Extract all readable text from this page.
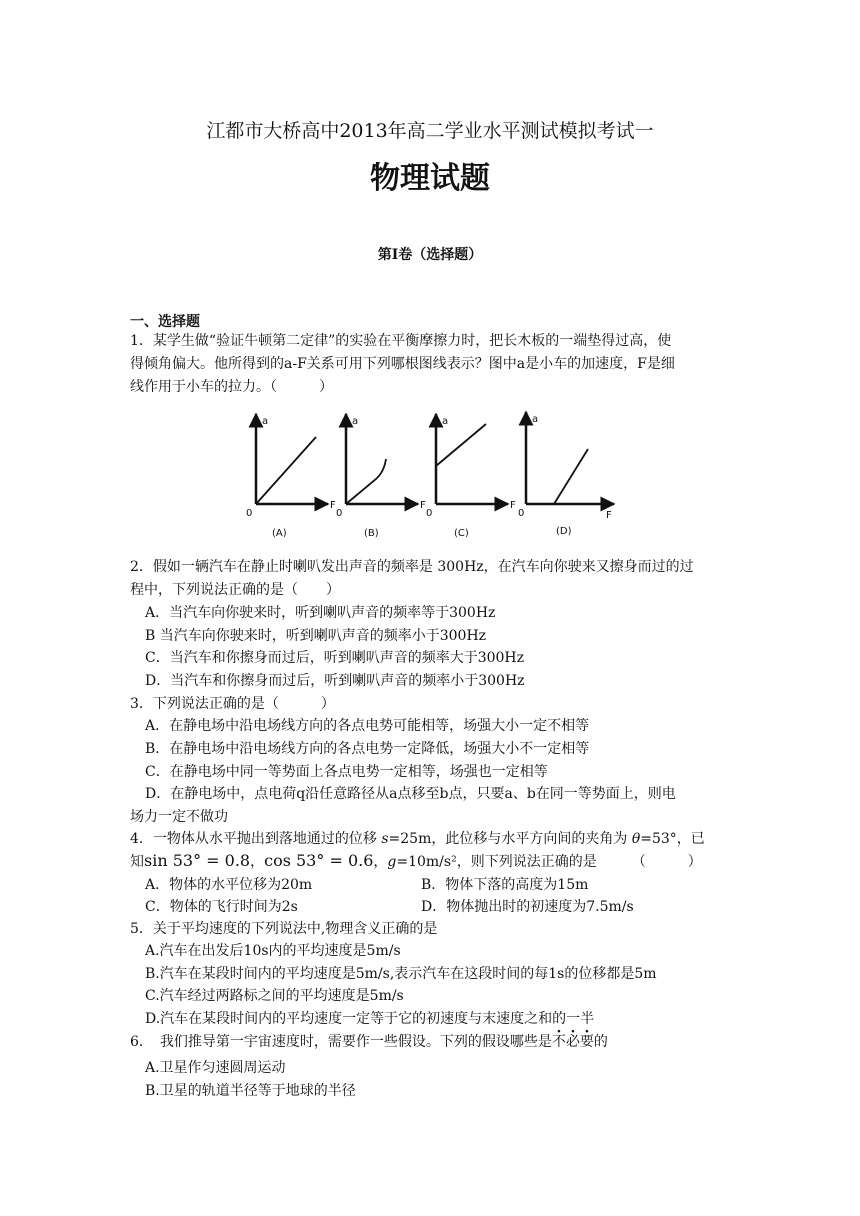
江都市大桥高中2013年高二学业水平测试模拟考试一
物理试题
第Ⅰ卷（选择题）
一、选择题
1．某学生做“验证牛顿第二定律”的实验在平衡摩擦力时，把长木板的一端垫得过高，使
得倾角偏大。他所得到的a-F关系可用下列哪根图线表示？图中a是小车的加速度，F是细
线作用于小车的拉力。（　　　）
a
F
0
(A)
a
F
0
(B)
a
F
0
(C)
a
F
0
(D)
2．假如一辆汽车在静止时喇叭发出声音的频率是 300Hz，在汽车向你驶来又擦身而过的过
程中，下列说法正确的是（　　）
A．当汽车向你驶来时，听到喇叭声音的频率等于300Hz
B 当汽车向你驶来时，听到喇叭声音的频率小于300Hz
C．当汽车和你擦身而过后，听到喇叭声音的频率大于300Hz
D．当汽车和你擦身而过后，听到喇叭声音的频率小于300Hz
3．下列说法正确的是（　　　）
A．在静电场中沿电场线方向的各点电势可能相等，场强大小一定不相等
B．在静电场中沿电场线方向的各点电势一定降低，场强大小不一定相等
C．在静电场中同一等势面上各点电势一定相等，场强也一定相等
D．在静电场中，点电荷q沿任意路径从a点移至b点，只要a、b在同一等势面上，则电
场力一定不做功
4．一物体从水平抛出到落地通过的位移 s=25m，此位移与水平方向间的夹角为 θ=53°，已
知sin 53° = 0.8，cos 53° = 0.6，g=10m/s²，则下列说法正确的是　　　（　　　）
A．物体的水平位移为20m	B．物体下落的高度为15m
C．物体的飞行时间为2s	D．物体抛出时的初速度为7.5m/s
5．关于平均速度的下列说法中,物理含义正确的是
A.汽车在出发后10s内的平均速度是5m/s
B.汽车在某段时间内的平均速度是5m/s,表示汽车在这段时间的每1s的位移都是5m
C.汽车经过两路标之间的平均速度是5m/s
D.汽车在某段时间内的平均速度一定等于它的初速度与末速度之和的一半
6．　我们推导第一宇宙速度时，需要作一些假设。下列的假设哪些是不必要的
A.卫星作匀速圆周运动
B.卫星的轨道半径等于地球的半径
